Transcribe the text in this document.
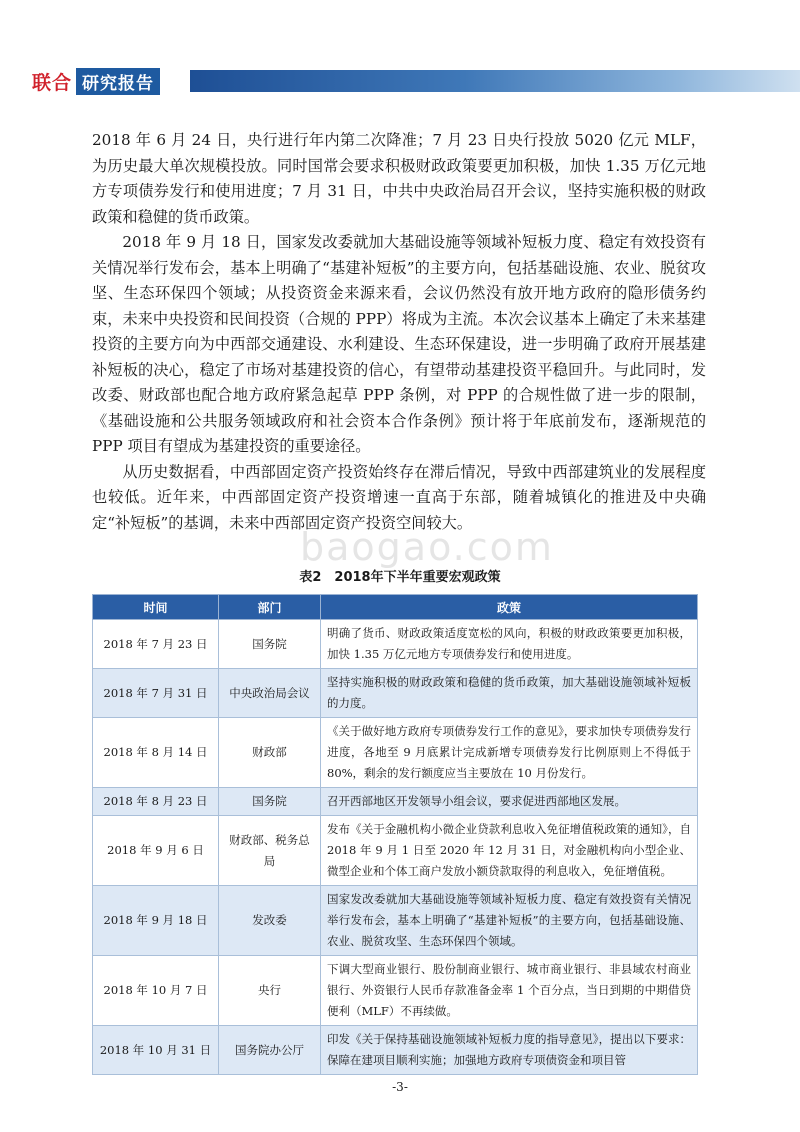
联合 研究报告

2018 年 6 月 24 日，央行进行年内第二次降准；7 月 23 日央行投放 5020 亿元 MLF，为历史最大单次规模投放。同时国常会要求积极财政政策要更加积极，加快 1.35 万亿元地方专项债券发行和使用进度；7 月 31 日，中共中央政治局召开会议，坚持实施积极的财政政策和稳健的货币政策。

2018 年 9 月 18 日，国家发改委就加大基础设施等领域补短板力度、稳定有效投资有关情况举行发布会，基本上明确了“基建补短板”的主要方向，包括基础设施、农业、脱贫攻坚、生态环保四个领域；从投资资金来源来看，会议仍然没有放开地方政府的隐形债务约束，未来中央投资和民间投资（合规的 PPP）将成为主流。本次会议基本上确定了未来基建投资的主要方向为中西部交通建设、水利建设、生态环保建设，进一步明确了政府开展基建补短板的决心，稳定了市场对基建投资的信心，有望带动基建投资平稳回升。与此同时，发改委、财政部也配合地方政府紧急起草 PPP 条例，对 PPP 的合规性做了进一步的限制，《基础设施和公共服务领域政府和社会资本合作条例》预计将于年底前发布，逐渐规范的 PPP 项目有望成为基建投资的重要途径。

从历史数据看，中西部固定资产投资始终存在滞后情况，导致中西部建筑业的发展程度也较低。近年来，中西部固定资产投资增速一直高于东部，随着城镇化的推进及中央确定“补短板”的基调，未来中西部固定资产投资空间较大。

baogao.com
表2　2018年下半年重要宏观政策
时间	部门	政策
2018 年 7 月 23 日	国务院	明确了货币、财政政策适度宽松的风向，积极的财政政策要更加积极，加快 1.35 万亿元地方专项债券发行和使用进度。
2018 年 7 月 31 日	中央政治局会议	坚持实施积极的财政政策和稳健的货币政策，加大基础设施领域补短板的力度。
2018 年 8 月 14 日	财政部	《关于做好地方政府专项债券发行工作的意见》，要求加快专项债券发行进度，各地至 9 月底累计完成新增专项债券发行比例原则上不得低于 80%，剩余的发行额度应当主要放在 10 月份发行。
2018 年 8 月 23 日	国务院	召开西部地区开发领导小组会议，要求促进西部地区发展。
2018 年 9 月 6 日	财政部、税务总局	发布《关于金融机构小微企业贷款利息收入免征增值税政策的通知》，自 2018 年 9 月 1 日至 2020 年 12 月 31 日，对金融机构向小型企业、微型企业和个体工商户发放小额贷款取得的利息收入，免征增值税。
2018 年 9 月 18 日	发改委	国家发改委就加大基础设施等领域补短板力度、稳定有效投资有关情况举行发布会，基本上明确了“基建补短板”的主要方向，包括基础设施、农业、脱贫攻坚、生态环保四个领域。
2018 年 10 月 7 日	央行	下调大型商业银行、股份制商业银行、城市商业银行、非县域农村商业银行、外资银行人民币存款准备金率 1 个百分点，当日到期的中期借贷便利（MLF）不再续做。
2018 年 10 月 31 日	国务院办公厅	印发《关于保持基础设施领域补短板力度的指导意见》，提出以下要求：保障在建项目顺利实施；加强地方政府专项债资金和项目管
-3-
